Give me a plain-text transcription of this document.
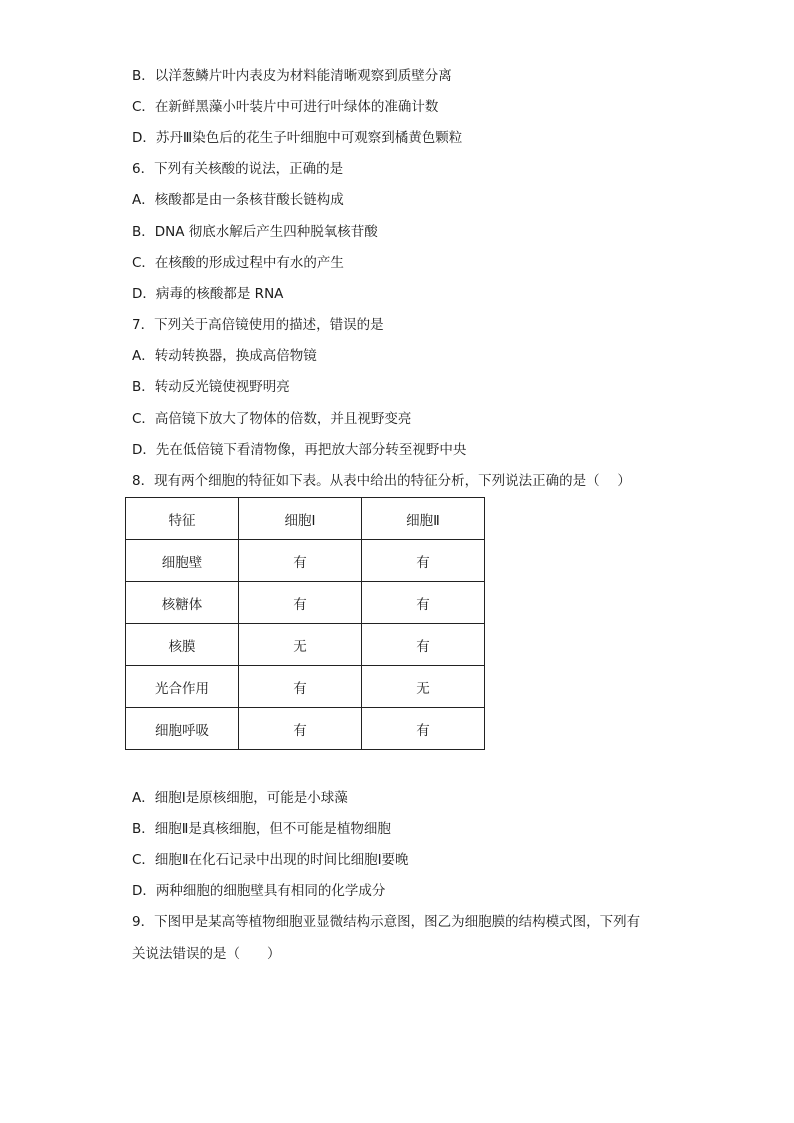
B．以洋葱鳞片叶内表皮为材料能清晰观察到质壁分离
C．在新鲜黑藻小叶装片中可进行叶绿体的准确计数
D．苏丹Ⅲ染色后的花生子叶细胞中可观察到橘黄色颗粒
6．下列有关核酸的说法，正确的是
A．核酸都是由一条核苷酸长链构成
B．DNA 彻底水解后产生四种脱氧核苷酸
C．在核酸的形成过程中有水的产生
D．病毒的核酸都是 RNA
7．下列关于高倍镜使用的描述，错误的是
A．转动转换器，换成高倍物镜
B．转动反光镜使视野明亮
C．高倍镜下放大了物体的倍数，并且视野变亮
D．先在低倍镜下看清物像，再把放大部分转至视野中央
8．现有两个细胞的特征如下表。从表中给出的特征分析，下列说法正确的是（　 ）
特征	细胞Ⅰ	细胞Ⅱ
细胞壁	有	有
核糖体	有	有
核膜	无	有
光合作用	有	无
细胞呼吸	有	有
A．细胞Ⅰ是原核细胞，可能是小球藻
B．细胞Ⅱ是真核细胞，但不可能是植物细胞
C．细胞Ⅱ在化石记录中出现的时间比细胞Ⅰ要晚
D．两种细胞的细胞壁具有相同的化学成分
9．下图甲是某高等植物细胞亚显微结构示意图，图乙为细胞膜的结构模式图，下列有
关说法错误的是（　　）
